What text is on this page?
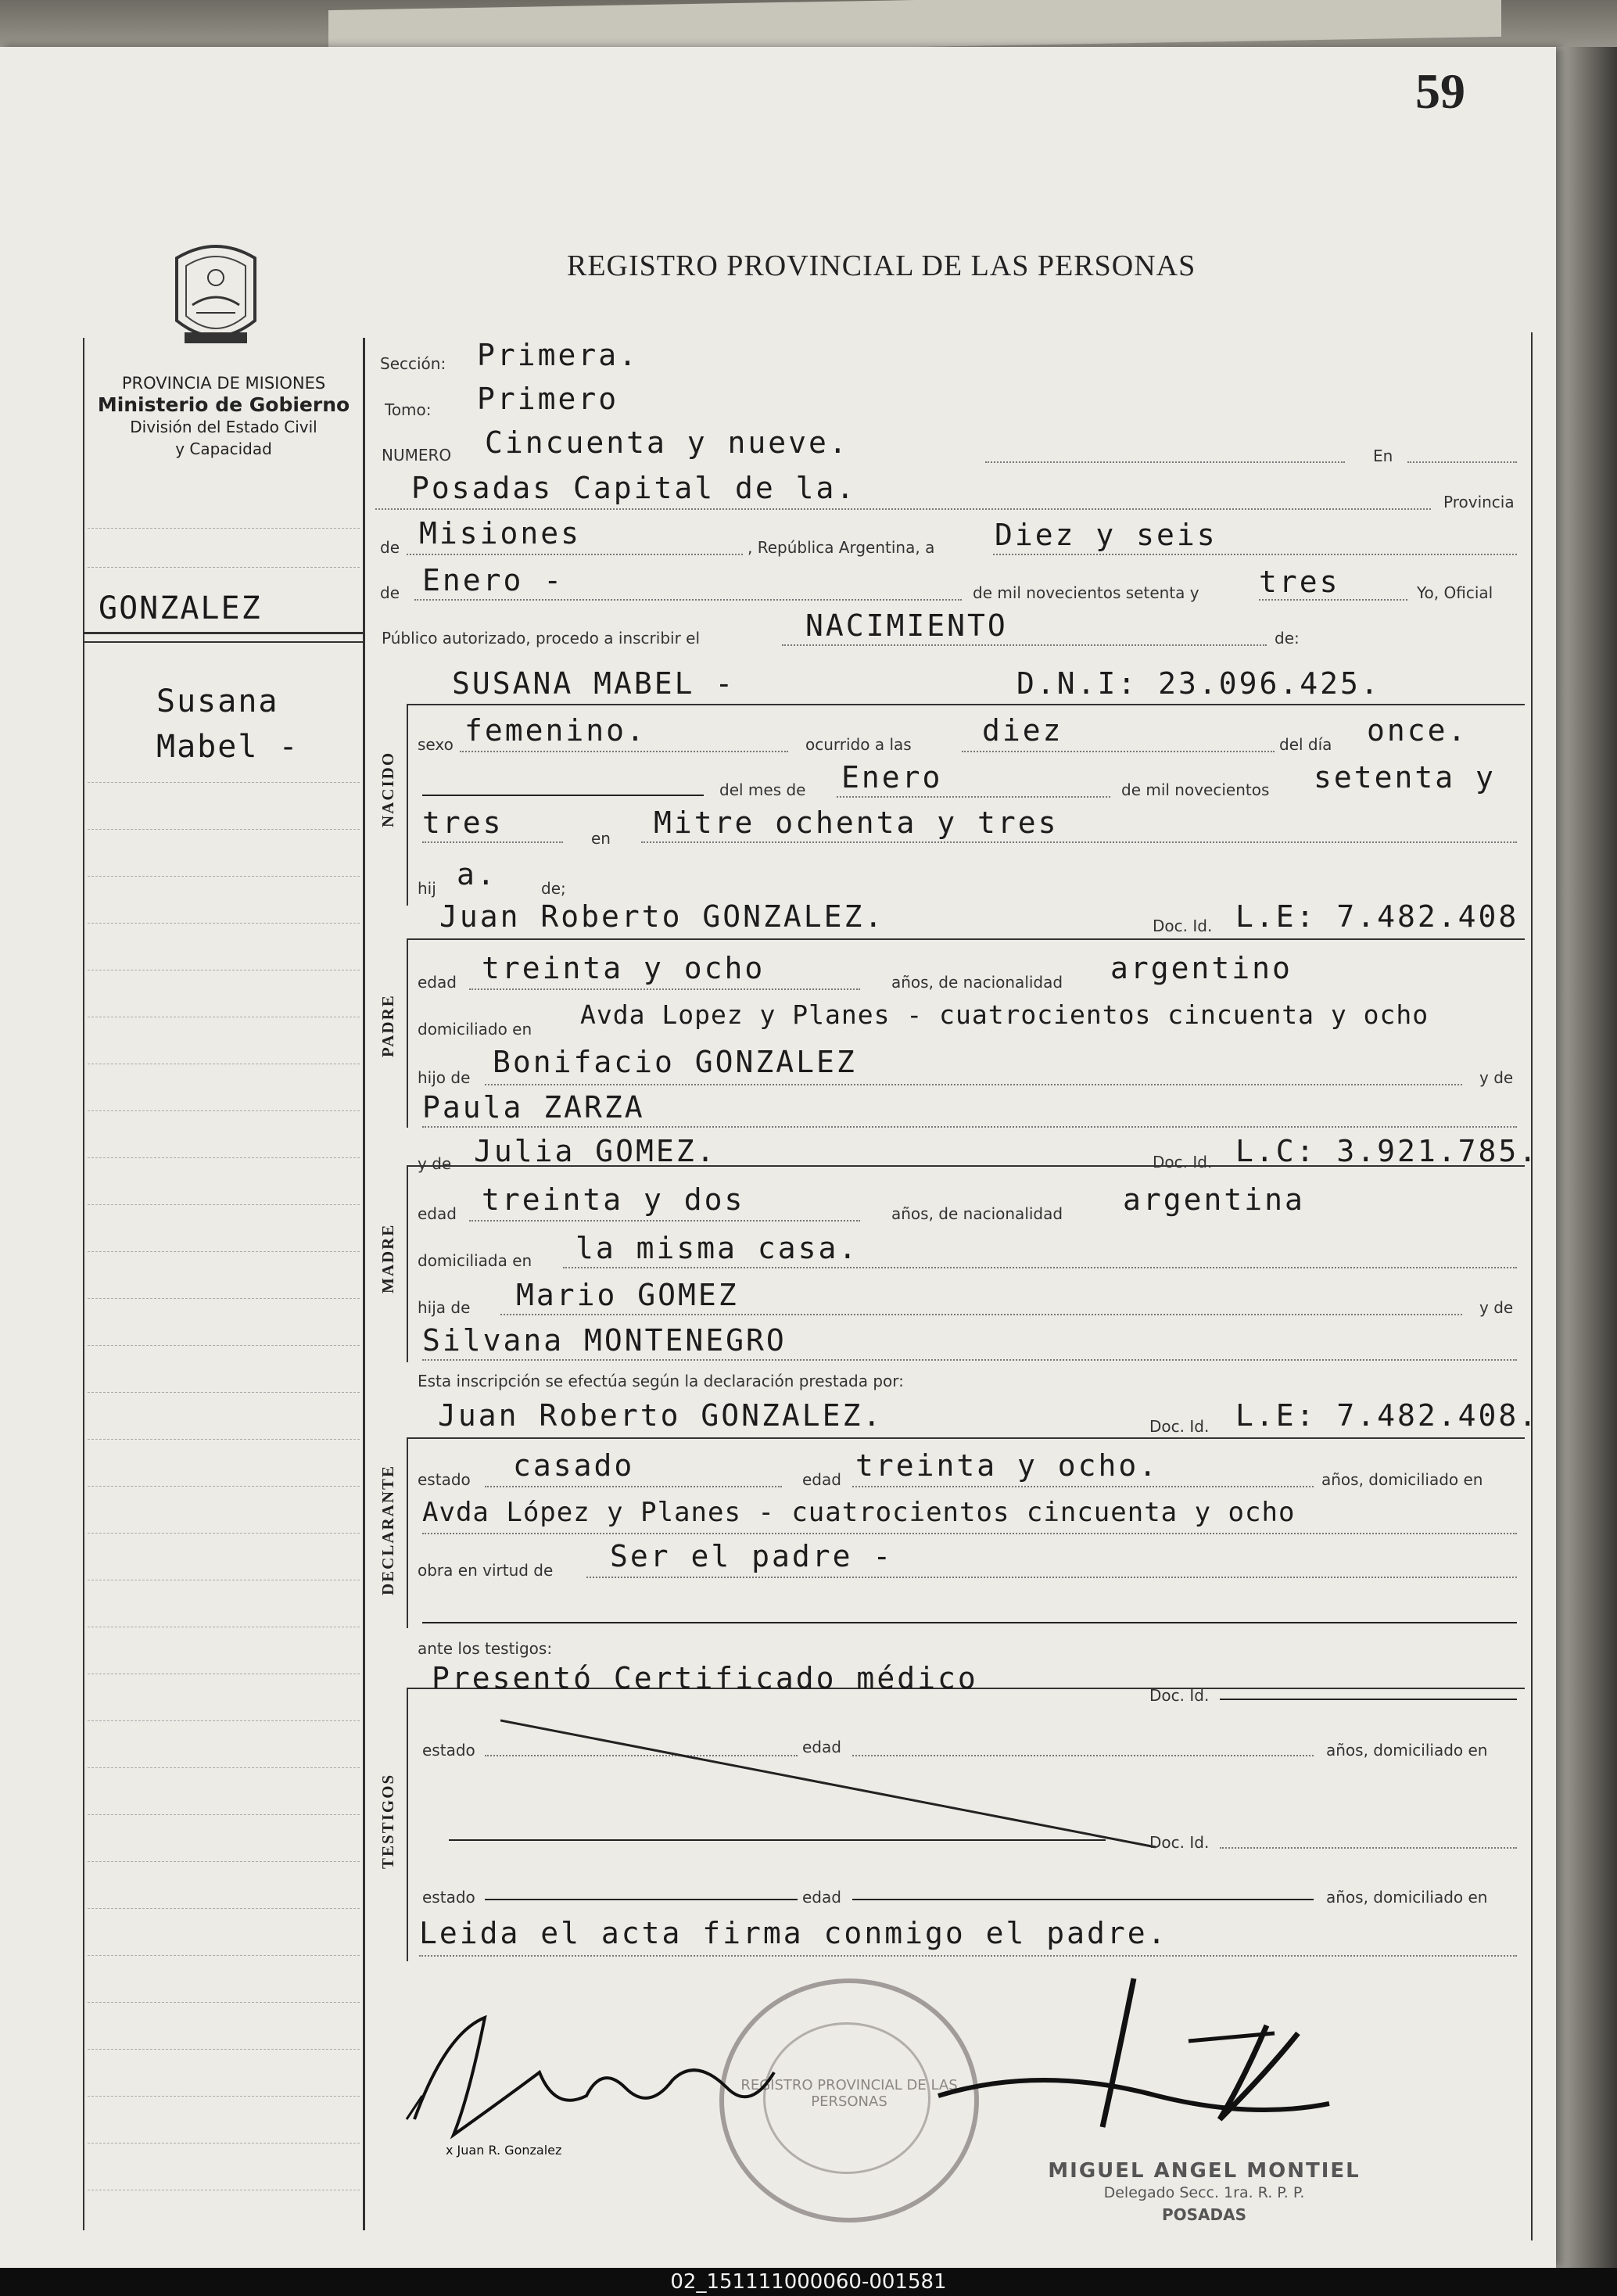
59
REGISTRO PROVINCIAL DE LAS PERSONAS
PROVINCIA DE MISIONES
Ministerio de Gobierno
División del Estado Civil
y Capacidad
GONZALEZ
Susana
Mabel -
Sección: Primera.
Tomo: Primero
NUMERO Cincuenta y nueve.	En
Posadas Capital de la.	Provincia
de Misiones	, República Argentina, a Diez y seis
de Enero -	de mil novecientos setenta y tres	Yo, Oficial
Público autorizado, procedo a inscribir el	NACIMIENTO	de:
NACIDO
SUSANA MABEL -	D.N.I: 23.096.425.
sexo femenino.	ocurrido a las diez	del día once.
del mes de Enero	de mil novecientos setenta y
tres	en Mitre ochenta y tres
hij a.	de;
PADRE
Juan Roberto GONZALEZ.	Doc. Id. L.E: 7.482.408
edad treinta y ocho	años, de nacionalidad argentino
domiciliado en Avda Lopez y Planes - cuatrocientos cincuenta y ocho
hijo de Bonifacio GONZALEZ	y de
Paula ZARZA
MADRE
y de Julia GOMEZ.	Doc. Id. L.C: 3.921.785.
edad treinta y dos	años, de nacionalidad argentina
domiciliada en la misma casa.
hija de Mario GOMEZ	y de
Silvana MONTENEGRO
Esta inscripción se efectúa según la declaración prestada por:
DECLARANTE
Juan Roberto GONZALEZ.	Doc. Id. L.E: 7.482.408.
estado casado	edad treinta y ocho.	años, domiciliado en
Avda López y Planes - cuatrocientos cincuenta y ocho
obra en virtud de Ser el padre -
ante los testigos:
TESTIGOS
Presentó Certificado médico	Doc. Id.
estado	edad	años, domiciliado en
Doc. Id.
estado	edad	años, domiciliado en
Leida el acta firma conmigo el padre.
REGISTRO PROVINCIAL DE LAS PERSONAS
x Juan R. Gonzalez
MIGUEL ANGEL MONTIEL
Delegado Secc. 1ra. R. P. P.
POSADAS
02_151111000060-001581
